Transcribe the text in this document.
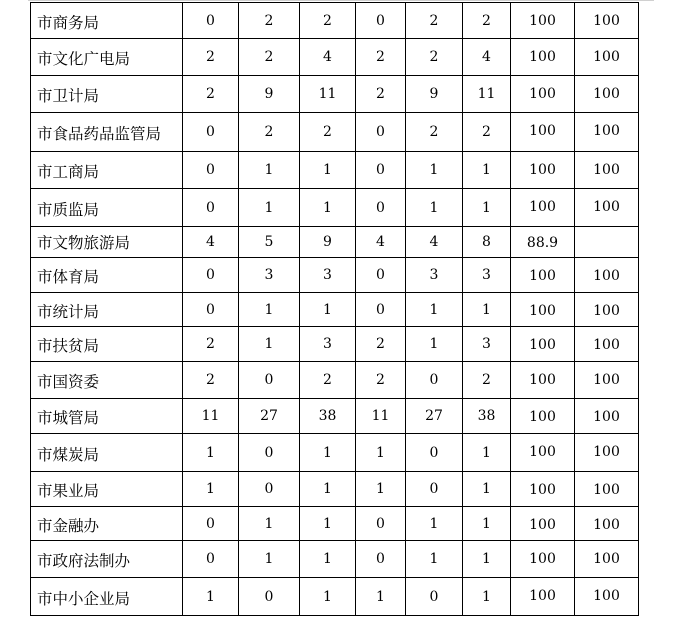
市商务局	0	2	2	0	2	2	100	100
市文化广电局	2	2	4	2	2	4	100	100
市卫计局	2	9	11	2	9	11	100	100
市食品药品监管局	0	2	2	0	2	2	100	100
市工商局	0	1	1	0	1	1	100	100
市质监局	0	1	1	0	1	1	100	100
市文物旅游局	4	5	9	4	4	8	88.9	
市体育局	0	3	3	0	3	3	100	100
市统计局	0	1	1	0	1	1	100	100
市扶贫局	2	1	3	2	1	3	100	100
市国资委	2	0	2	2	0	2	100	100
市城管局	11	27	38	11	27	38	100	100
市煤炭局	1	0	1	1	0	1	100	100
市果业局	1	0	1	1	0	1	100	100
市金融办	0	1	1	0	1	1	100	100
市政府法制办	0	1	1	0	1	1	100	100
市中小企业局	1	0	1	1	0	1	100	100
